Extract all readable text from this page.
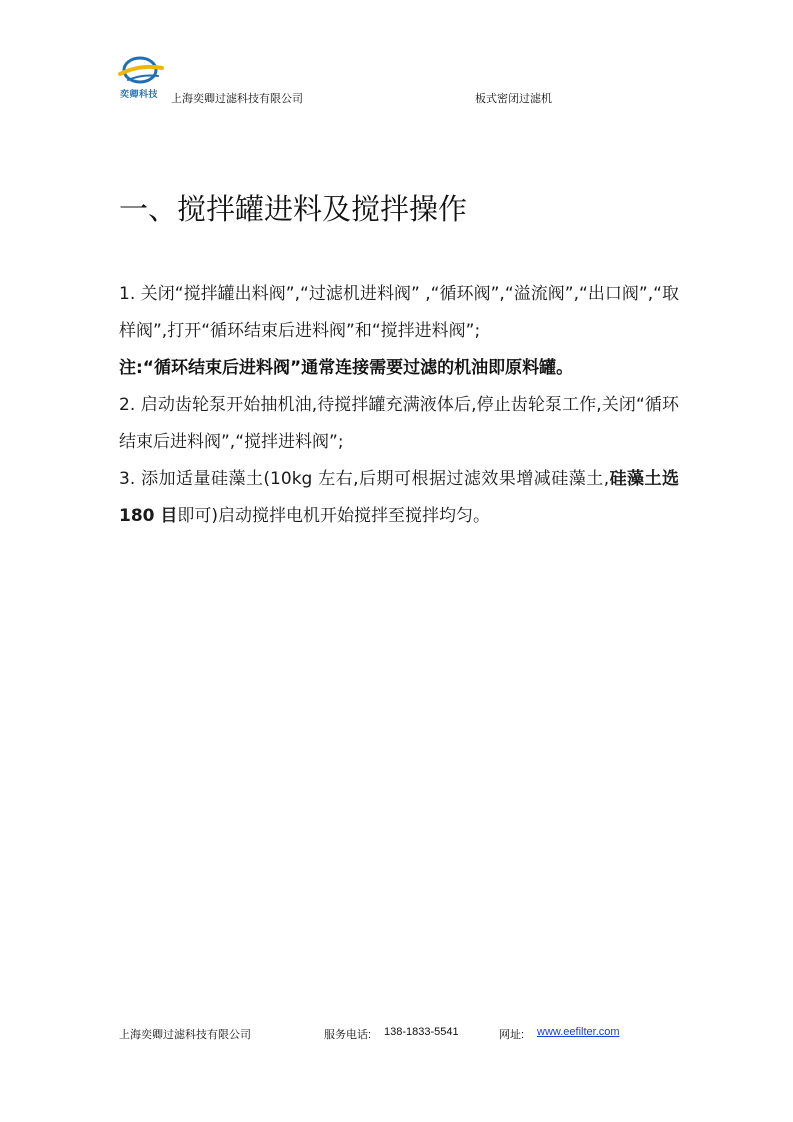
奕卿科技 上海奕卿过滤科技有限公司	板式密闭过滤机
一、搅拌罐进料及搅拌操作

1. 关闭“搅拌罐出料阀”,“过滤机进料阀” ,“循环阀”,“溢流阀”,“出口阀”,“取样阀”,打开“循环结束后进料阀”和“搅拌进料阀”;

注:“循环结束后进料阀”通常连接需要过滤的机油即原料罐。

2. 启动齿轮泵开始抽机油,待搅拌罐充满液体后,停止齿轮泵工作,关闭“循环结束后进料阀”,“搅拌进料阀”;

3. 添加适量硅藻土(10kg 左右,后期可根据过滤效果增减硅藻土,硅藻土选 180 目即可)启动搅拌电机开始搅拌至搅拌均匀。

上海奕卿过滤科技有限公司	服务电话: 138-1833-5541	网址: www.eefilter.com
